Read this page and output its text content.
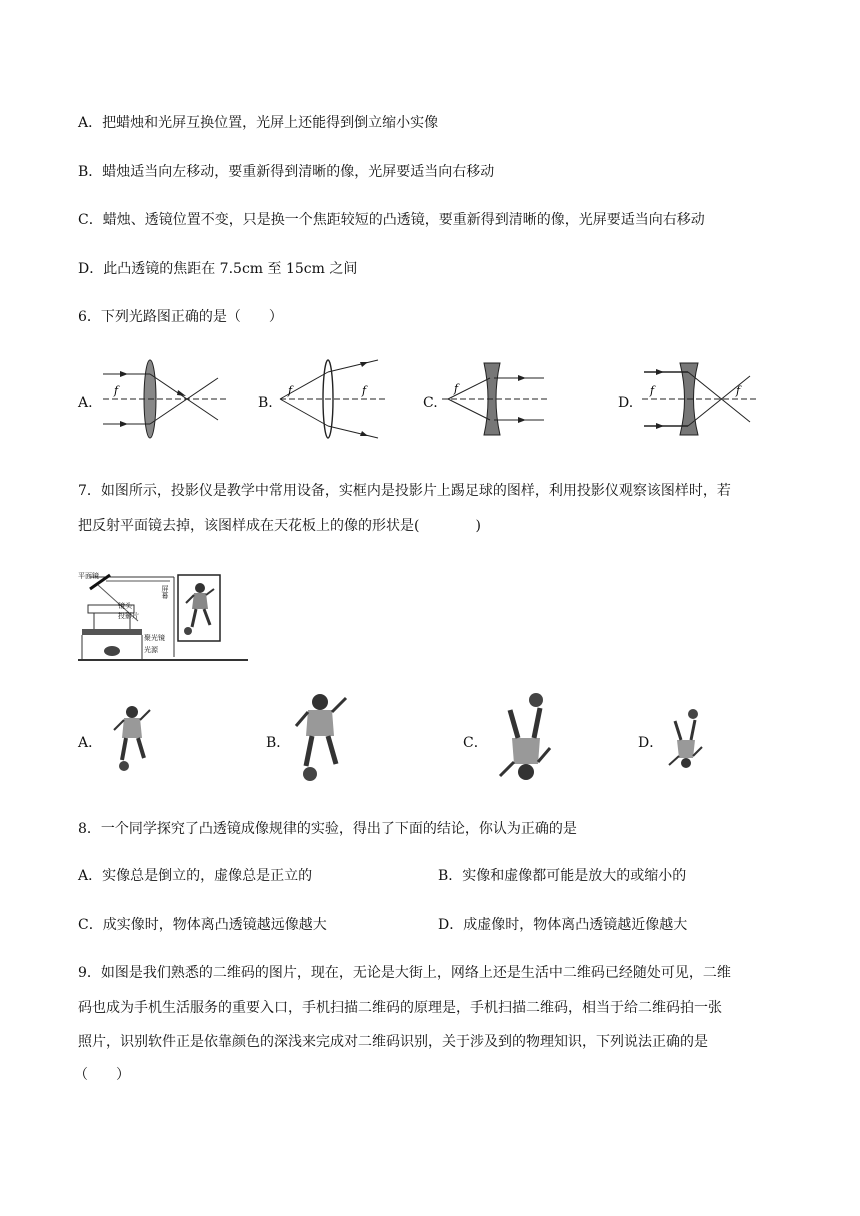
A．把蜡烛和光屏互换位置，光屏上还能得到倒立缩小实像
B．蜡烛适当向左移动，要重新得到清晰的像，光屏要适当向右移动
C．蜡烛、透镜位置不变，只是换一个焦距较短的凸透镜，要重新得到清晰的像，光屏要适当向右移动
D．此凸透镜的焦距在 7.5cm 至 15cm 之间
6．下列光路图正确的是（　　）
A.	B.	C.	D.
f	f	f	f	f	f
7．如图所示，投影仪是教学中常用设备，实框内是投影片上踢足球的图样，利用投影仪观察该图样时，若
把反射平面镜去掉，该图样成在天花板上的像的形状是(　　　　)
平面镜
屏幕
镜头
投影片
聚光镜
光源
A．	B．	C．	D．
8．一个同学探究了凸透镜成像规律的实验，得出了下面的结论，你认为正确的是
A．实像总是倒立的，虚像总是正立的	B．实像和虚像都可能是放大的或缩小的
C．成实像时，物体离凸透镜越远像越大	D．成虚像时，物体离凸透镜越近像越大
9．如图是我们熟悉的二维码的图片，现在，无论是大街上，网络上还是生活中二维码已经随处可见，二维
码也成为手机生活服务的重要入口，手机扫描二维码的原理是，手机扫描二维码，相当于给二维码拍一张
照片，识别软件正是依靠颜色的深浅来完成对二维码识别，关于涉及到的物理知识，下列说法正确的是
（　　）
